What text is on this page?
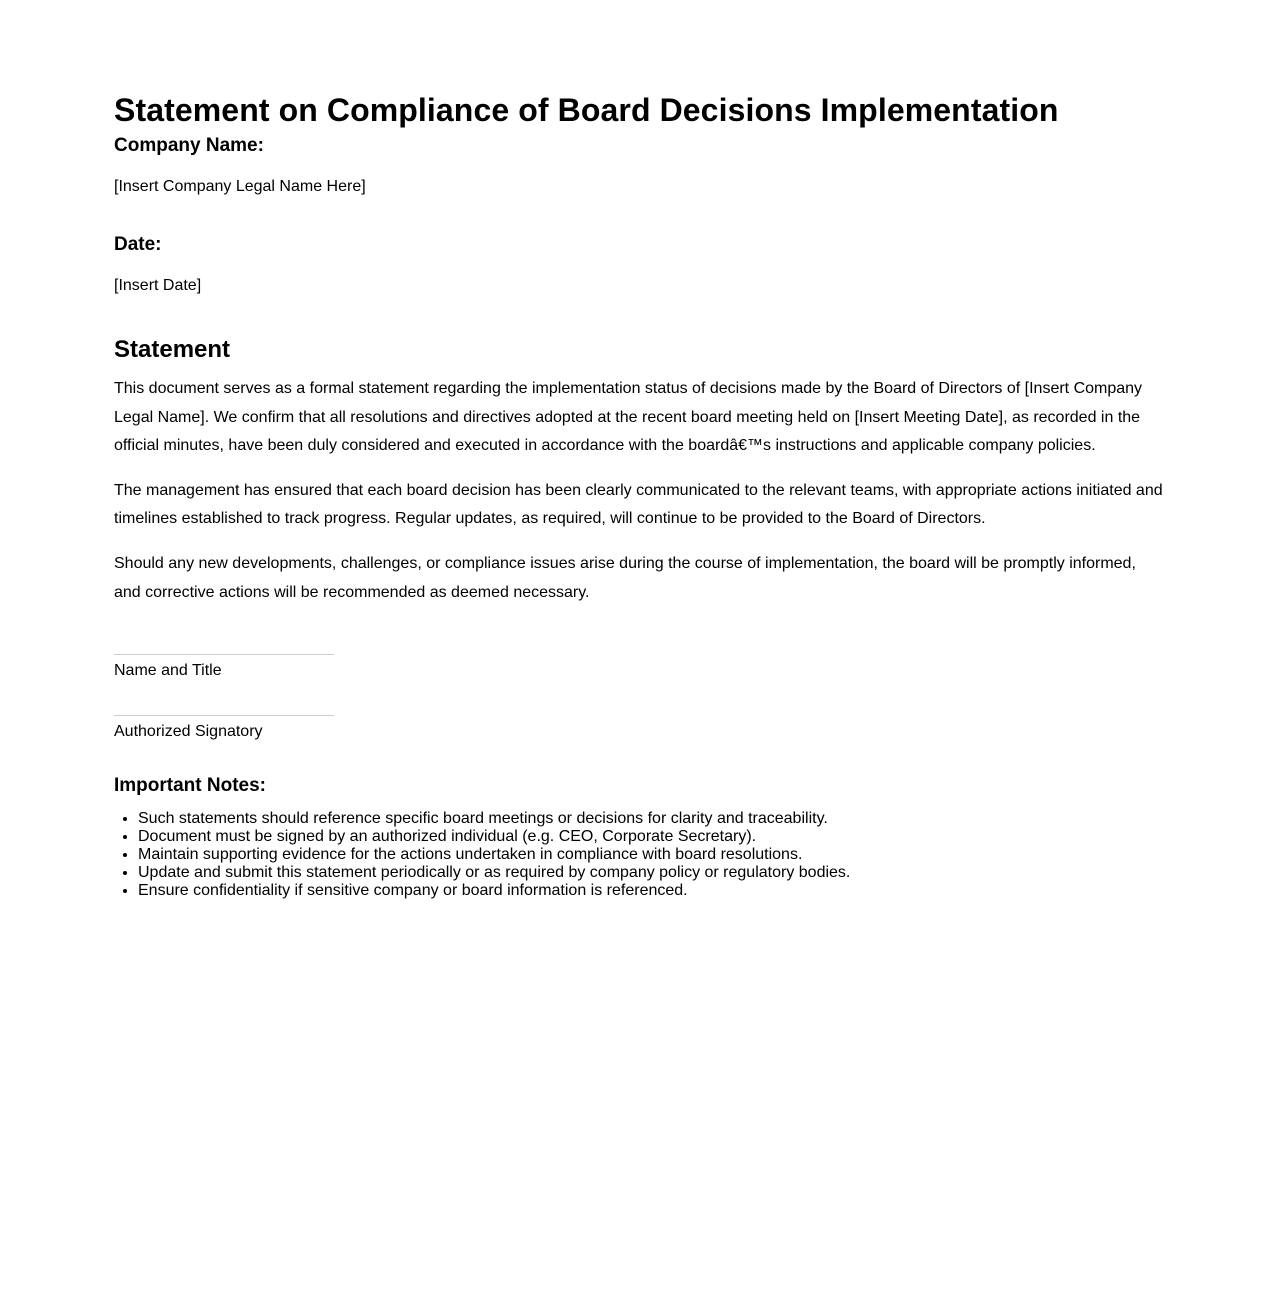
Statement on Compliance of Board Decisions Implementation
Company Name:

[Insert Company Legal Name Here]

Date:

[Insert Date]

Statement

This document serves as a formal statement regarding the implementation status of decisions made by the Board of Directors of [Insert Company Legal Name]. We confirm that all resolutions and directives adopted at the recent board meeting held on [Insert Meeting Date], as recorded in the official minutes, have been duly considered and executed in accordance with the boardâ€™s instructions and applicable company policies.

The management has ensured that each board decision has been clearly communicated to the relevant teams, with appropriate actions initiated and timelines established to track progress. Regular updates, as required, will continue to be provided to the Board of Directors.

Should any new developments, challenges, or compliance issues arise during the course of implementation, the board will be promptly informed, and corrective actions will be recommended as deemed necessary.

Name and Title

Authorized Signatory

Important Notes:
• Such statements should reference specific board meetings or decisions for clarity and traceability.
• Document must be signed by an authorized individual (e.g. CEO, Corporate Secretary).
• Maintain supporting evidence for the actions undertaken in compliance with board resolutions.
• Update and submit this statement periodically or as required by company policy or regulatory bodies.
• Ensure confidentiality if sensitive company or board information is referenced.
